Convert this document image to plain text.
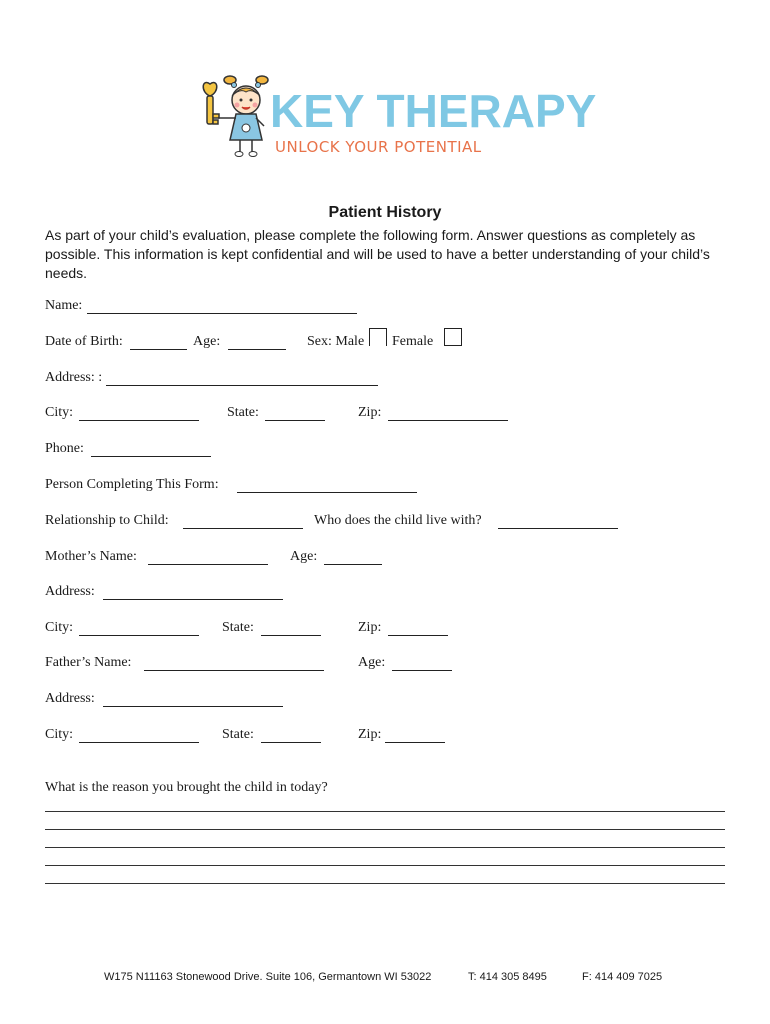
KEY THERAPY
UNLOCK YOUR POTENTIAL
Patient History
As part of your child’s evaluation, please complete the following form. Answer questions as completely as possible. This information is kept confidential and will be used to have a better understanding of your child’s needs.
Name:
Date of Birth:	Age:	Sex: Male Female
Address: :
City:	State:	Zip:
Phone:
Person Completing This Form:
Relationship to Child:	Who does the child live with?
Mother’s Name:	Age:
Address:
City:	State:	Zip:
Father’s Name:	Age:
Address:
City:	State:	Zip:
What is the reason you brought the child in today?
W175 N11163 Stonewood Drive. Suite 106, Germantown WI 53022	T: 414 305 8495	F: 414 409 7025
